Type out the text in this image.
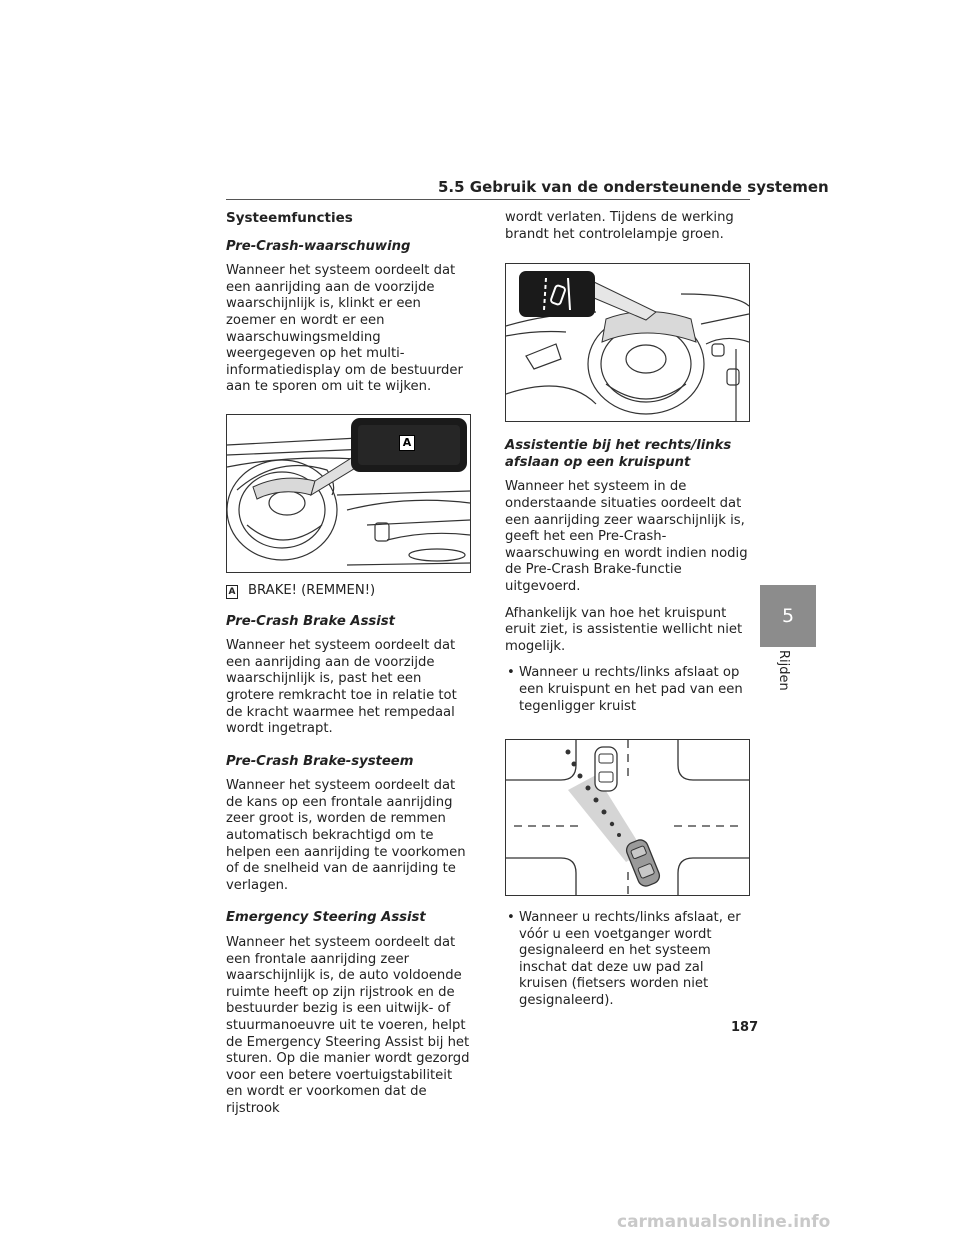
5.5 Gebruik van de ondersteunende systemen
Systeemfuncties
Pre-Crash-waarschuwing

Wanneer het systeem oordeelt dat een aanrijding aan de voorzijde waarschijnlijk is, klinkt er een zoemer en wordt er een waarschuwingsmelding weergegeven op het multi-informatiedisplay om de bestuurder aan te sporen om uit te wijken.

A
A BRAKE! (REMMEN!)
Pre-Crash Brake Assist

Wanneer het systeem oordeelt dat een aanrijding aan de voorzijde waarschijnlijk is, past het een grotere remkracht toe in relatie tot de kracht waarmee het rempedaal wordt ingetrapt.

Pre-Crash Brake-systeem

Wanneer het systeem oordeelt dat de kans op een frontale aanrijding zeer groot is, worden de remmen automatisch bekrachtigd om te helpen een aanrijding te voorkomen of de snelheid van de aanrijding te verlagen.

Emergency Steering Assist

Wanneer het systeem oordeelt dat een frontale aanrijding zeer waarschijnlijk is, de auto voldoende ruimte heeft op zijn rijstrook en de bestuurder bezig is een uitwijk- of stuurmanoeuvre uit te voeren, helpt de Emergency Steering Assist bij het sturen. Op die manier wordt gezorgd voor een betere voertuigstabiliteit en wordt er voorkomen dat de rijstrook

wordt verlaten. Tijdens de werking brandt het controlelampje groen.

Assistentie bij het rechts/links afslaan op een kruispunt

Wanneer het systeem in de onderstaande situaties oordeelt dat een aanrijding zeer waarschijnlijk is, geeft het een Pre-Crash-waarschuwing en wordt indien nodig de Pre-Crash Brake-functie uitgevoerd.

Afhankelijk van hoe het kruispunt eruit ziet, is assistentie wellicht niet mogelijk.

• Wanneer u rechts/links afslaat op een kruispunt en het pad van een tegenligger kruist
• Wanneer u rechts/links afslaat, er vóór u een voetganger wordt gesignaleerd en het systeem inschat dat deze uw pad zal kruisen (fietsers worden niet gesignaleerd).
5
Rijden
187
carmanualsonline.info
